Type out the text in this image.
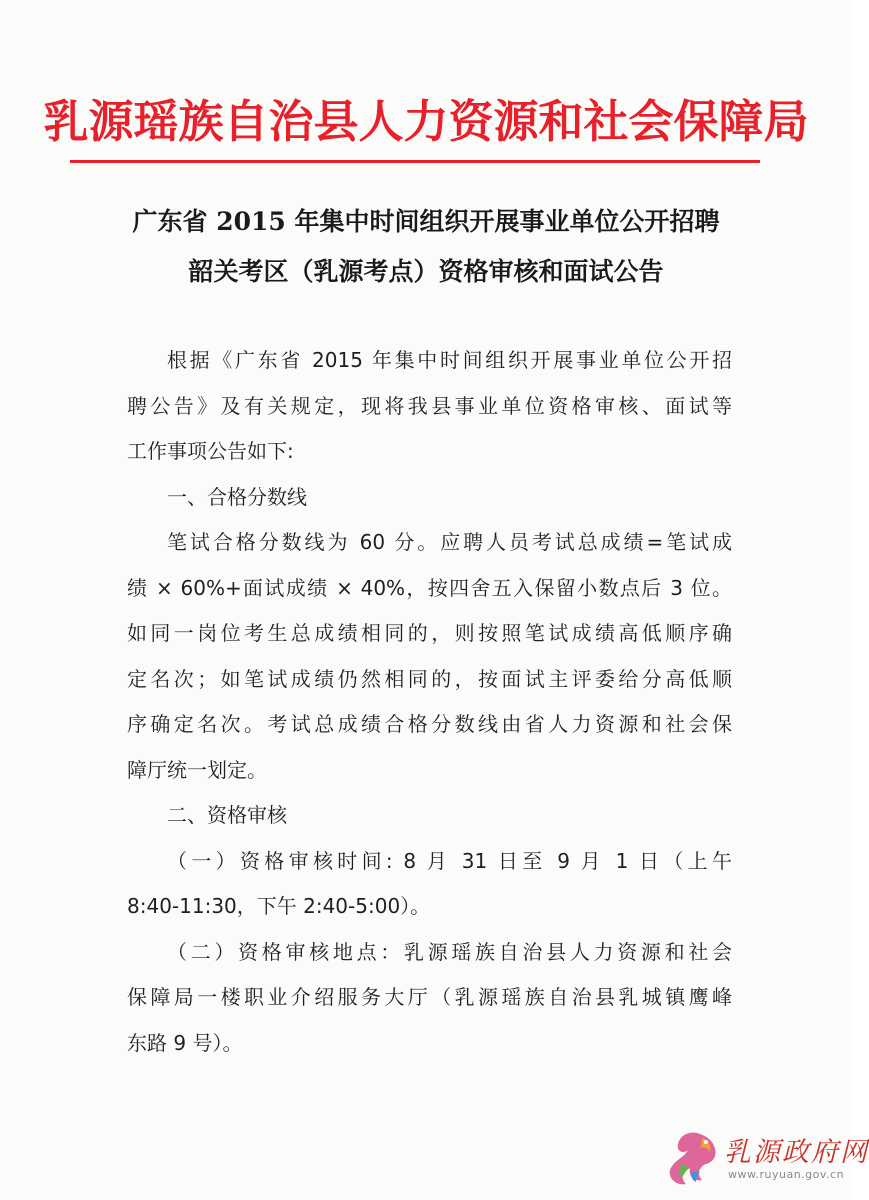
乳源瑶族自治县人力资源和社会保障局
广东省 2015 年集中时间组织开展事业单位公开招聘
韶关考区（乳源考点）资格审核和面试公告
根据《广东省 2015 年集中时间组织开展事业单位公开招
聘公告》及有关规定，现将我县事业单位资格审核、面试等
工作事项公告如下:
一、合格分数线
笔试合格分数线为 60 分。应聘人员考试总成绩=笔试成
绩 × 60%+面试成绩 × 40%，按四舍五入保留小数点后 3 位。
如同一岗位考生总成绩相同的，则按照笔试成绩高低顺序确
定名次；如笔试成绩仍然相同的，按面试主评委给分高低顺
序确定名次。考试总成绩合格分数线由省人力资源和社会保
障厅统一划定。
二、资格审核
（一）资格审核时间: 8 月 31 日至 9 月 1 日（上午
8:40-11:30，下午 2:40-5:00）。
（二）资格审核地点：乳源瑶族自治县人力资源和社会
保障局一楼职业介绍服务大厅（乳源瑶族自治县乳城镇鹰峰
东路 9 号）。
乳源政府网
www.ruyuan.gov.cn
